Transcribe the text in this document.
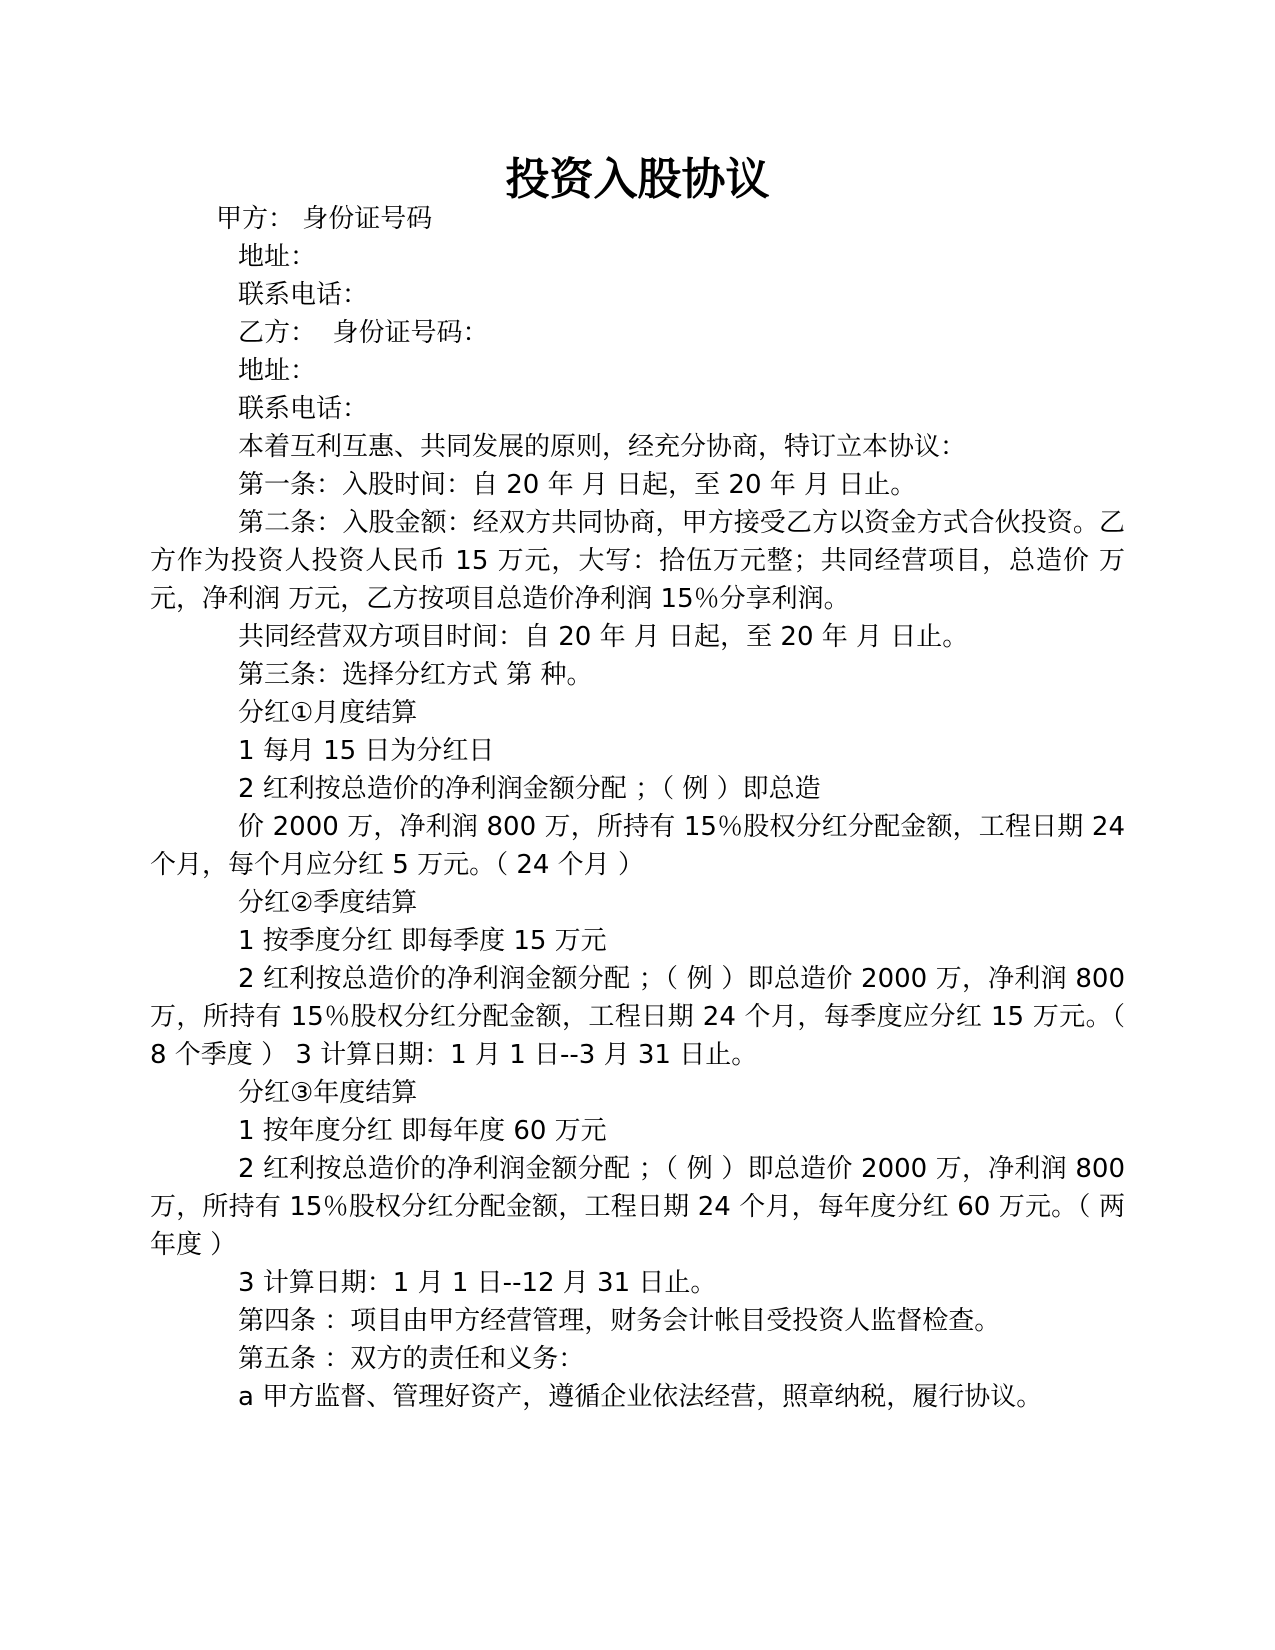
投资入股协议

甲方： 身份证号码

地址：

联系电话：

乙方：  身份证号码：

地址：

联系电话：

本着互利互惠、共同发展的原则，经充分协商，特订立本协议：

第一条：入股时间：自 20 年 月 日起，至 20 年 月 日止。

第二条：入股金额：经双方共同协商，甲方接受乙方以资金方式合伙投资。乙方作为投资人投资人民币 15 万元，大写：拾伍万元整；共同经营项目，总造价 万元，净利润 万元，乙方按项目总造价净利润 15％分享利润。

共同经营双方项目时间：自 20 年 月 日起，至 20 年 月 日止。

第三条：选择分红方式 第 种。

分红①月度结算

1 每月 15 日为分红日

2 红利按总造价的净利润金额分配 ；（ 例 ）即总造

价 2000 万，净利润 800 万，所持有 15％股权分红分配金额，工程日期 24 个月，每个月应分红 5 万元。（ 24 个月 ）

分红②季度结算

1 按季度分红 即每季度 15 万元

2 红利按总造价的净利润金额分配 ；（ 例 ）即总造价 2000 万，净利润 800 万，所持有 15％股权分红分配金额，工程日期 24 个月，每季度应分红 15 万元。（ 8 个季度 ） 3 计算日期：1 月 1 日--3 月 31 日止。

分红③年度结算

1 按年度分红 即每年度 60 万元

2 红利按总造价的净利润金额分配 ；（ 例 ）即总造价 2000 万，净利润 800 万，所持有 15％股权分红分配金额，工程日期 24 个月，每年度分红 60 万元。（ 两年度 ）

3 计算日期：1 月 1 日--12 月 31 日止。

第四条 ：项目由甲方经营管理，财务会计帐目受投资人监督检查。

第五条 ：双方的责任和义务：

a 甲方监督、管理好资产，遵循企业依法经营，照章纳税，履行协议。
